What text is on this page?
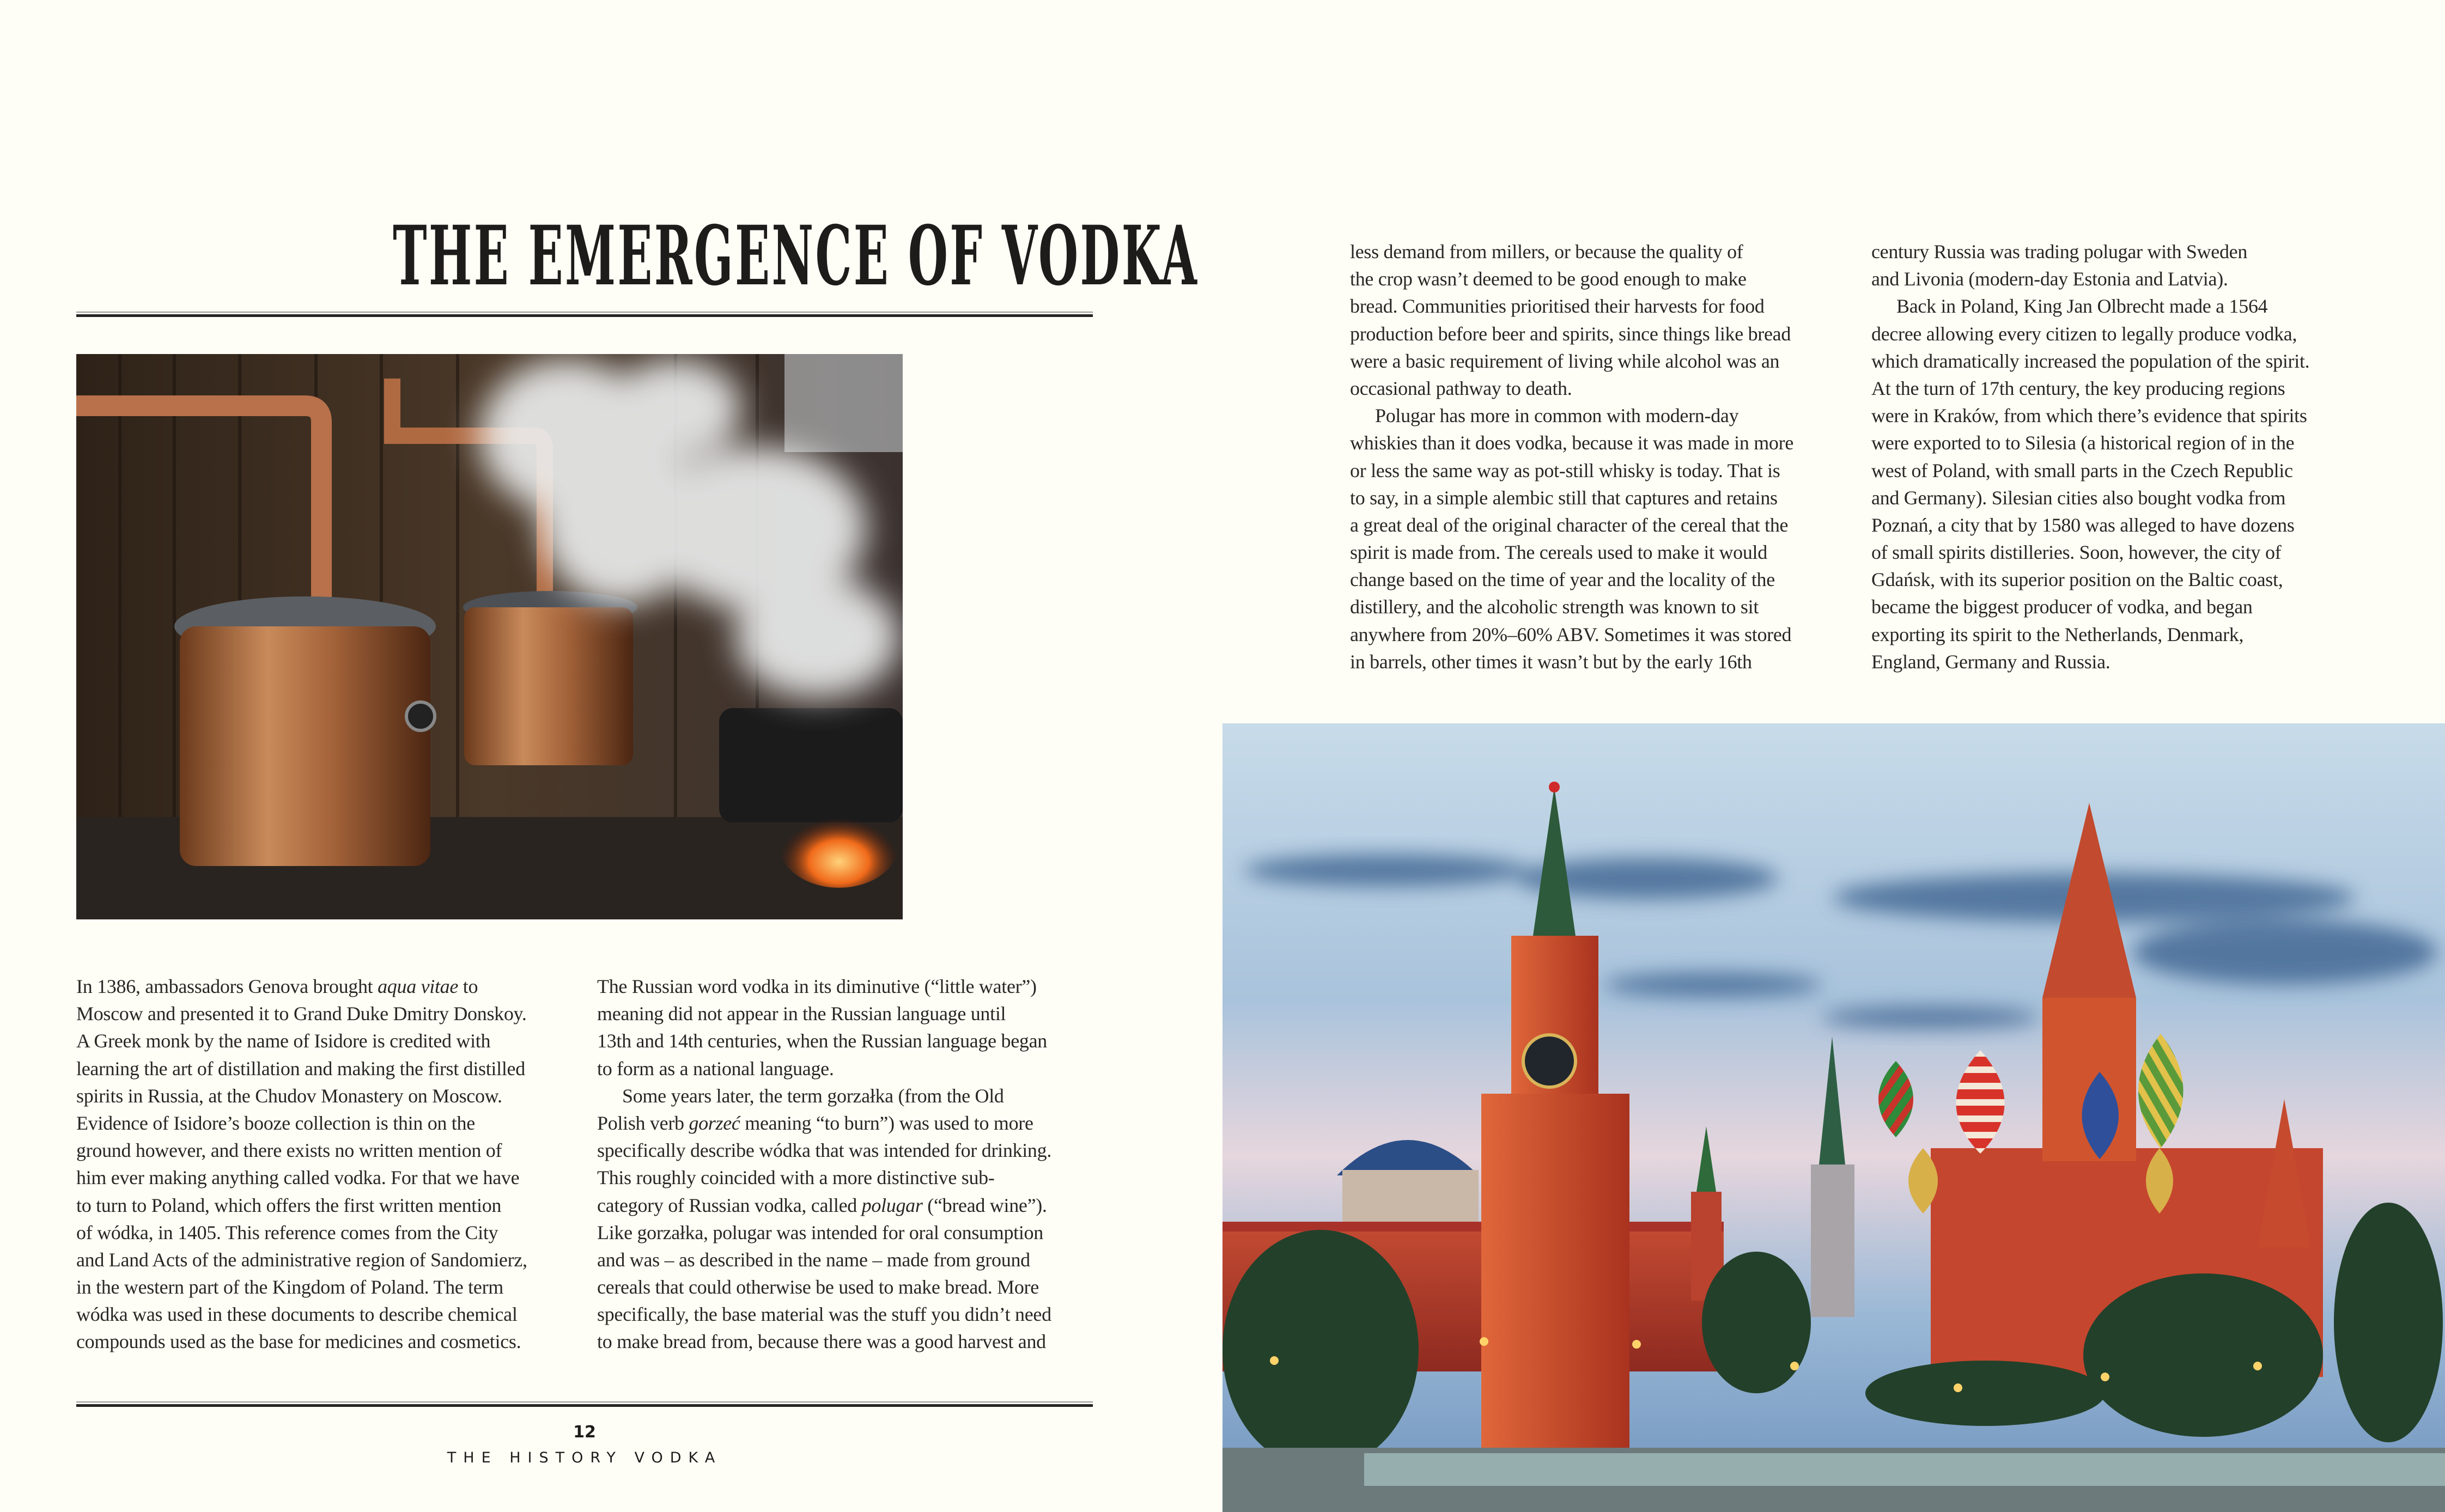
THE EMERGENCE OF VODKA
In 1386, ambassadors Genova brought aqua vitae to
Moscow and presented it to Grand Duke Dmitry Donskoy.
A Greek monk by the name of Isidore is credited with
learning the art of distillation and making the first distilled
spirits in Russia, at the Chudov Monastery on Moscow.
Evidence of Isidore’s booze collection is thin on the
ground however, and there exists no written mention of
him ever making anything called vodka. For that we have
to turn to Poland, which offers the first written mention
of wódka, in 1405. This reference comes from the City
and Land Acts of the administrative region of Sandomierz,
in the western part of the Kingdom of Poland. The term
wódka was used in these documents to describe chemical
compounds used as the base for medicines and cosmetics.
The Russian word vodka in its diminutive (“little water”)
meaning did not appear in the Russian language until
13th and 14th centuries, when the Russian language began
to form as a national language.
Some years later, the term gorzałka (from the Old
Polish verb gorzeć meaning “to burn”) was used to more
specifically describe wódka that was intended for drinking.
This roughly coincided with a more distinctive sub-
category of Russian vodka, called polugar (“bread wine”).
Like gorzałka, polugar was intended for oral consumption
and was – as described in the name – made from ground
cereals that could otherwise be used to make bread. More
specifically, the base material was the stuff you didn’t need
to make bread from, because there was a good harvest and
12
THE HISTORY VODKA
less demand from millers, or because the quality of
the crop wasn’t deemed to be good enough to make
bread. Communities prioritised their harvests for food
production before beer and spirits, since things like bread
were a basic requirement of living while alcohol was an
occasional pathway to death.
Polugar has more in common with modern-day
whiskies than it does vodka, because it was made in more
or less the same way as pot-still whisky is today. That is
to say, in a simple alembic still that captures and retains
a great deal of the original character of the cereal that the
spirit is made from. The cereals used to make it would
change based on the time of year and the locality of the
distillery, and the alcoholic strength was known to sit
anywhere from 20%–60% ABV. Sometimes it was stored
in barrels, other times it wasn’t but by the early 16th
century Russia was trading polugar with Sweden
and Livonia (modern-day Estonia and Latvia).
Back in Poland, King Jan Olbrecht made a 1564
decree allowing every citizen to legally produce vodka,
which dramatically increased the population of the spirit.
At the turn of 17th century, the key producing regions
were in Kraków, from which there’s evidence that spirits
were exported to to Silesia (a historical region of in the
west of Poland, with small parts in the Czech Republic
and Germany). Silesian cities also bought vodka from
Poznań, a city that by 1580 was alleged to have dozens
of small spirits distilleries. Soon, however, the city of
Gdańsk, with its superior position on the Baltic coast,
became the biggest producer of vodka, and began
exporting its spirit to the Netherlands, Denmark,
England, Germany and Russia.
